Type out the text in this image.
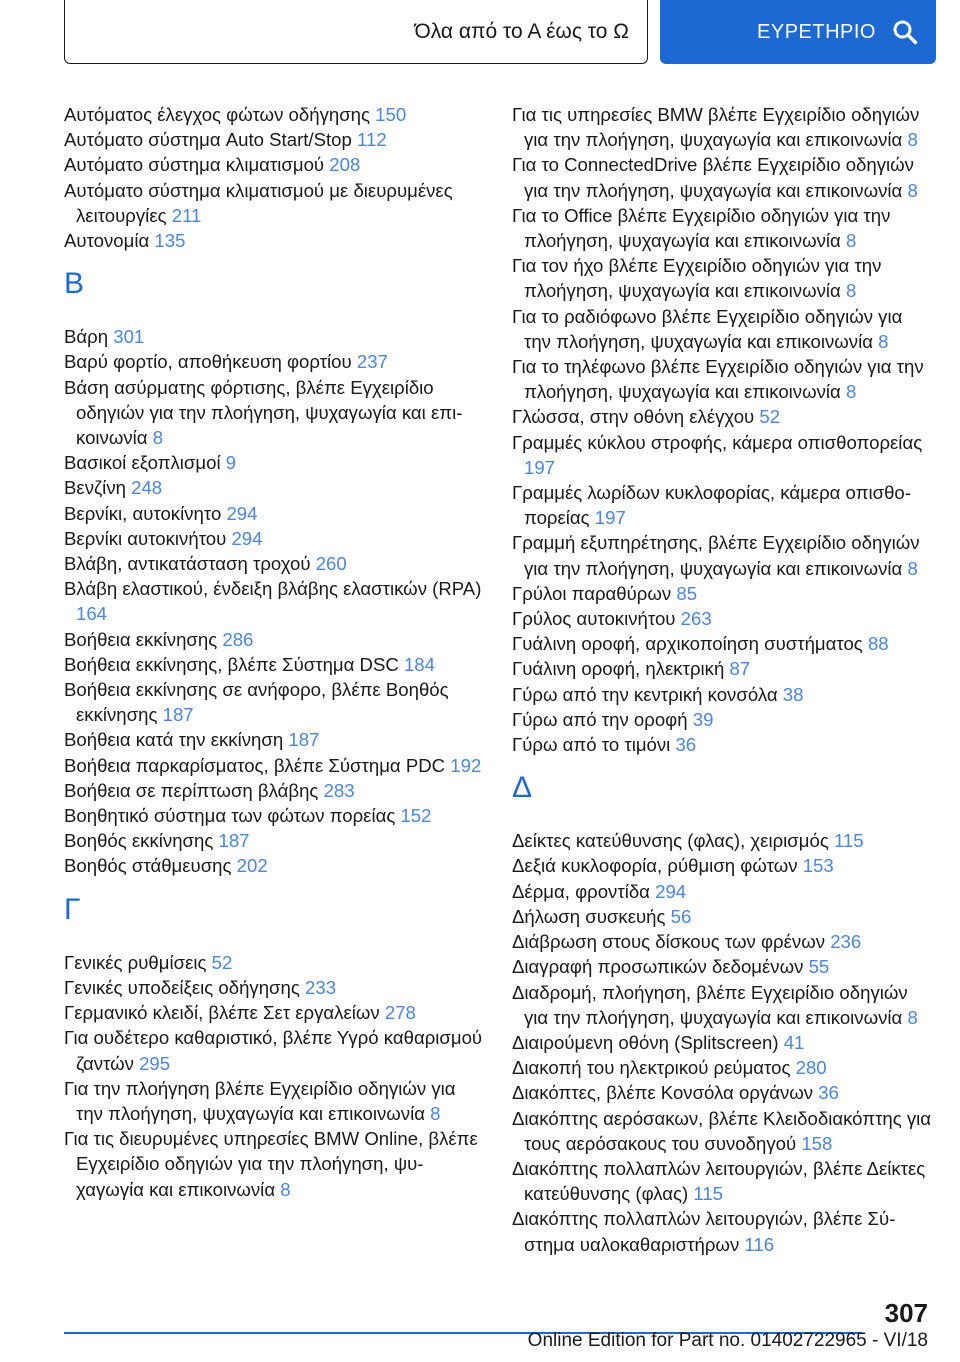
Όλα από το Α έως το Ω	ΕΥΡΕΤΗΡΙΟ
Αυτόματος έλεγχος φώτων οδήγησης 150
Αυτόματο σύστημα Auto Start/Stop 112
Αυτόματο σύστημα κλιματισμού 208
Αυτόματο σύστημα κλιματισμού με διευρυμένες λειτουργίες 211
Αυτονομία 135
Β
Βάρη 301
Βαρύ φορτίο, αποθήκευση φορτίου 237
Βάση ασύρματης φόρτισης, βλέπε Εγχειρίδιο οδηγιών για την πλοήγηση, ψυχαγωγία και επικοινωνία 8
Βασικοί εξοπλισμοί 9
Βενζίνη 248
Βερνίκι, αυτοκίνητο 294
Βερνίκι αυτοκινήτου 294
Βλάβη, αντικατάσταση τροχού 260
Βλάβη ελαστικού, ένδειξη βλάβης ελαστικών (RPA) 164
Βοήθεια εκκίνησης 286
Βοήθεια εκκίνησης, βλέπε Σύστημα DSC 184
Βοήθεια εκκίνησης σε ανήφορο, βλέπε Βοηθός εκκίνησης 187
Βοήθεια κατά την εκκίνηση 187
Βοήθεια παρκαρίσματος, βλέπε Σύστημα PDC 192
Βοήθεια σε περίπτωση βλάβης 283
Βοηθητικό σύστημα των φώτων πορείας 152
Βοηθός εκκίνησης 187
Βοηθός στάθμευσης 202
Γ
Γενικές ρυθμίσεις 52
Γενικές υποδείξεις οδήγησης 233
Γερμανικό κλειδί, βλέπε Σετ εργαλείων 278
Για ουδέτερο καθαριστικό, βλέπε Υγρό καθαρισμού ζαντών 295
Για την πλοήγηση βλέπε Εγχειρίδιο οδηγιών για την πλοήγηση, ψυχαγωγία και επικοινωνία 8
Για τις διευρυμένες υπηρεσίες BMW Online, βλέπε Εγχειρίδιο οδηγιών για την πλοήγηση, ψυχαγωγία και επικοινωνία 8
Για τις υπηρεσίες BMW βλέπε Εγχειρίδιο οδηγιών για την πλοήγηση, ψυχαγωγία και επικοινωνία 8
Για το ConnectedDrive βλέπε Εγχειρίδιο οδηγιών για την πλοήγηση, ψυχαγωγία και επικοινωνία 8
Για το Office βλέπε Εγχειρίδιο οδηγιών για την πλοήγηση, ψυχαγωγία και επικοινωνία 8
Για τον ήχο βλέπε Εγχειρίδιο οδηγιών για την πλοήγηση, ψυχαγωγία και επικοινωνία 8
Για το ραδιόφωνο βλέπε Εγχειρίδιο οδηγιών για την πλοήγηση, ψυχαγωγία και επικοινωνία 8
Για το τηλέφωνο βλέπε Εγχειρίδιο οδηγιών για την πλοήγηση, ψυχαγωγία και επικοινωνία 8
Γλώσσα, στην οθόνη ελέγχου 52
Γραμμές κύκλου στροφής, κάμερα οπισθοπορείας 197
Γραμμές λωρίδων κυκλοφορίας, κάμερα οπισθοπορείας 197
Γραμμή εξυπηρέτησης, βλέπε Εγχειρίδιο οδηγιών για την πλοήγηση, ψυχαγωγία και επικοινωνία 8
Γρύλοι παραθύρων 85
Γρύλος αυτοκινήτου 263
Γυάλινη οροφή, αρχικοποίηση συστήματος 88
Γυάλινη οροφή, ηλεκτρική 87
Γύρω από την κεντρική κονσόλα 38
Γύρω από την οροφή 39
Γύρω από το τιμόνι 36
Δ
Δείκτες κατεύθυνσης (φλας), χειρισμός 115
Δεξιά κυκλοφορία, ρύθμιση φώτων 153
Δέρμα, φροντίδα 294
Δήλωση συσκευής 56
Διάβρωση στους δίσκους των φρένων 236
Διαγραφή προσωπικών δεδομένων 55
Διαδρομή, πλοήγηση, βλέπε Εγχειρίδιο οδηγιών για την πλοήγηση, ψυχαγωγία και επικοινωνία 8
Διαιρούμενη οθόνη (Splitscreen) 41
Διακοπή του ηλεκτρικού ρεύματος 280
Διακόπτες, βλέπε Κονσόλα οργάνων 36
Διακόπτης αερόσακων, βλέπε Κλειδοδιακόπτης για τους αερόσακους του συνοδηγού 158
Διακόπτης πολλαπλών λειτουργιών, βλέπε Δείκτες κατεύθυνσης (φλας) 115
Διακόπτης πολλαπλών λειτουργιών, βλέπε Σύστημα υαλοκαθαριστήρων 116
307
Online Edition for Part no. 01402722965 - VI/18
